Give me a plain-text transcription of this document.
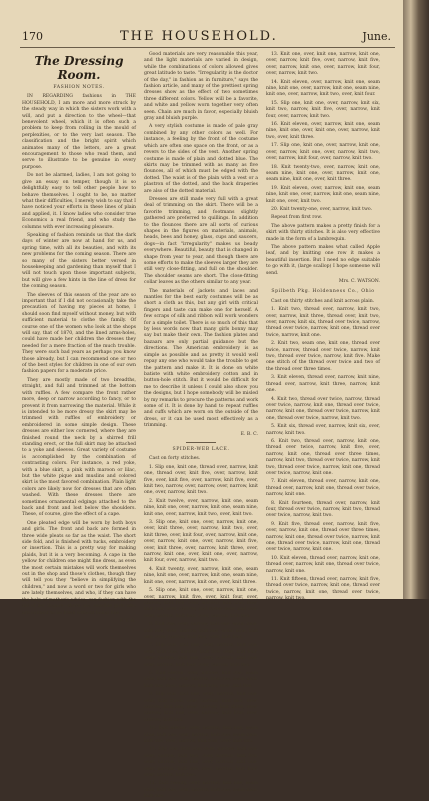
170	THE HOUSEHOLD.	June.
The Dressing Room.
FASHION NOTES.

IN REGARDING fashions in THE HOUSEHOLD, I am more and more struck by the steady way in which the sisters work with a will, and put a direction to the wheel—that benevolent wheel, which it is often such a problem to keep from rolling in the mould of perplexities, or to the very last season. The classification and the bright spirit which animates many of the letters, are a great encouragement to those who read them, and serve to illustrate to be genuine in every purpose.

Do not be alarmed, ladies, I am not going to give an essay on temper, though it is so delightfully easy to tell other people how to behave themselves. I ought to be, no matter what their difficulties, I merely wish to say that I have noticed your efforts in these lines of plain and applied, it. I know ladies who consider true Economics a real friend, and who study the columns with ever increasing pleasure.

Speaking of fashion reminds us that the dark days of winter are now at hand for us, and spring time, with all its beauties, and with its new problems for the coming season. There are so many of the sisters better versed in housekeeping and gardening than myself that I will not touch upon those important subjects, but will give a few hints in the line of dress for the coming season.

The sleeves of this season of the year are so important that if I did not occasionally take the precaution of having my pieces at home, I should soon find myself without money, but with sufficient material to clothe the family. Of course one of the women who look at the shops will say, that of 1870, and the lined arms-holes, could have made her children the dresses they needed for a mere fraction of the much trouble. They were such bad years as perhaps you know those already, but I can recommend one or two of the best styles for children in one of our own fashion papers for a moderate price.

They are mostly made of two breadths, straight, and full and trimmed at the bottom with ruffles. A few compare the front rather more, deep or narrow according to fancy, or to prevent it from narrowing the material. While it is intended to be more dressy the skirt may be trimmed with ruffles of embroidery or embroidered in some simple design. These dresses are either low cornered, where they are finished round the neck by a shirred frill standing erect, or the full skirt may be attached to a yoke and sleeves. Great variety of costume is accomplished by the combination of contrasting colors. For instance, a red yoke, with a blue skirt, a pink with maroon or lilac, but the white pique and muslins and colored skirt is the most favored combination. Plain light colors are likely now for dresses that are often washed. With these dresses there are sometimes ornamental edgings attached to the back and front and lost below the shoulders. These, of course, give the effect of a cape.

One pleated edge will be worn by both boys and girls. The front and back are formed in three wide pleats so far as the waist. The short side fold, and is finished with tucks, embroidery or insertion. This is a pretty way for making plaids, but it is a very becoming. A cape in the yellow for children one might fine dress, as even the most certain mistakes will work themselves out in the shop and those's clothes, though they will tell you they "believe in simplifying the children," and now a word or two for girls who are lately themselves, and who, if they can have the help of mother's advice, can fashion with the aid of her fingers—there are, sensible girls who are content to be fresh without being fine.

F. V. H.

Good materials are very reasonable this year, and the light materials are varied in design, while the combinations of colors allowed gives great latitude to taste. "Irregularity is the doctor of the day," in fashion as in furniture," says the fashion article, and many of the prettiest spring dresses show as the effect of two sometimes three different colors. Yellow will be a favorite, and white and yellow worn together very often seen. Chain are much in favor, especially bluish gray and bluish purple.

A very stylish costume is made of pale gray combined by any other colors as well. For instance, a feeling by the front of the costume which are often one space on the front, or as a revers to the sides of the vest. Another spring costume is made of plain and dotted blue. The skirts may be trimmed with as many as five flounces, all of which must be edged with the dotted. The waist is of the plain with a vest or a plastron of the dotted, and the back draperies are also of the dotted material.

Dresses are still made very full with a great deal of trimming on the skirt. There will be a favorite trimming, and footmans slightly gathered are preferred to quillings. In addition to the flounces there are all sorts of curious shapes in the figures on materials, animals, heads, bees and honey, glass, cups and saucers, dogs—in fact "irregularity" makes us beady everywhere. Beautiful, beauty that is changed in shape from year to year, and though there are some efforts to make the sleeves larger they are still very close-fitting, and full on the shoulder. The shoulder seams are short. The close-fitting collar leaves as the others similar to any year.

The materials of jackets and laces and mantles for the best early costumes will be as short a cloth as this, but any girl with critical fingers and taste can make one for herself. A few scraps of silk and ribbon will work wonders for a simple toilet. There is so much of this that by less words now that many girls bonny may say but make their own. The fashion plates and bazaars are only partial guidance but the directions. The American embroidery is as simple as possible and as pretty it would well repay any one who would take the trouble to get the pattern and make it. It is done on white batiste with white embroidery cotton and in button-hole stitch. But it would be difficult for me to describe it unless I could also show you the designs, but I hope somebody will be misled by my remarks to procure the patterns and work some of it. It is done by hand to repeat ruffles and cuffs which are worn on the outside of the dress, or it can be used most effectively as a trimming.

E. B. C.
SPIDER-WEB LACE.

Cast on forty stitches.

1. Slip one, knit one, thread over, narrow, knit one, thread over, knit five, over, narrow, knit five, over, knit five, over, narrow, knit five, over, knit two, narrow, over, narrow, over, narrow, knit one, over, narrow, knit two.

2. Knit twelve, over, narrow, knit one, seam nine, knit one, over, narrow, knit one, seam nine, knit one, over, narrow, knit two, over, knit two.

3. Slip one, knit one, over, narrow, knit one, over, knit three, over, narrow, knit two, over, knit three, over, knit four, over, narrow, knit one, over, narrow, knit one, over, narrow, knit five, over, knit three, over, narrow, knit three, over, narrow, knit one, over, knit one, over, narrow, knit four, over, narrow, knit two.

4. Knit twenty, over, narrow, knit one, seam nine, knit one, over, narrow, knit one, seam nine, knit one, over, narrow, knit one, over, knit three.

5. Slip one, knit one, over, narrow, knit one, over, narrow, knit five, over, knit four, over, narrow, knit five, over, narrow, knit one, over, knit one, over, narrow, knit three, over, knit one, over, narrow, knit four, over, narrow, knit two.

6. Knit one, over, narrow, knit one, seam nine, knit one, over, narrow, knit one, seam nine, knit one, over, narrow, knit two, over, knit four.

7. Slip one, knit one, over, narrow, knit one, over, knit one, narrow, knit five, over, knit four, over, narrow, knit one, over, narrow, knit one, over, narrow, knit four, over, narrow, knit two.

8. Knit eleven, over, narrow, knit one, seam nine, knit one, over, narrow, knit one, seam nine, knit one, over, narrow, knit two, over, knit five.

9. Slip one, knit one, over, narrow, knit one, over, knit three, over, narrow, knit two, over, narrow, knit one, over, narrow, knit three, over, narrow, knit one, over, narrow, knit four, over, narrow, knit two.

10. Knit eleven, over, narrow, knit one, seam nine, knit one, over, narrow, knit one, seam nine, knit one, over, narrow, knit four, over, knit two.

11. Slip one, knit one, over, narrow, knit one, over, narrow, knit two, over, narrow, knit five, over, narrow, knit one, over, narrow, knit one, over, narrow, knit one, over, narrow, knit four, over, narrow, knit two.

12. Knit twenty, over, narrow, knit one, seam nine, knit one, over, narrow, knit one, seam nine, knit one.

13. Knit one, over, knit one, narrow, knit one, over, narrow, knit five, over, narrow, knit five, over, narrow, knit one, over, narrow, knit four, over, narrow, knit two.

14. Knit eleven, over, narrow, knit one, seam nine, knit one, over, narrow, knit one, seam nine, knit one, over, narrow, knit two, over, knit four.

15. Slip one, knit one, over, narrow, knit six, knit two, narrow, knit five, over, narrow, knit four, over, narrow, knit two.

16. Knit eleven, over, narrow, knit one, seam nine, knit one, over, knit one, over, narrow, knit two, over, knit three.

17. Slip one, knit one, over, narrow, knit one, over, narrow, knit one, over, narrow, knit two, over, narrow, knit four, over, narrow, knit two.

18. Knit twenty-two, over, narrow, knit one, seam nine, knit one, over, narrow, knit one, seam nine, knit one, over, knit three.

19. Knit eleven, over, narrow, knit one, seam nine, knit one, over, narrow, knit one, seam nine, knit one, over, knit two.

20. Knit twenty-one, over, narrow, knit two.

Repeat from first row.

The above pattern makes a pretty finish for a skirt with thirty stitches. It is also very effective made in the form of a lambrequin.

The above pattern makes what called Apple leaf, and by knitting one row it makes a beautiful insertion. But I need no edge suitable to go with it, (large scallop) I hope someone will send.

Mrs. C. WATSON.
Spilbeth Pkg. Holdenness Co., Ohio

Cast on thirty stitches and knit across plain.

1. Knit two, thread over, narrow, knit two, over, narrow, knit three, thread over, knit two, over, narrow, knit six, thread over twice, narrow, thread over twice, narrow, knit one, thread over twice, narrow, knit one.

2. Knit two, seam one, knit one, thread over twice, narrow, thread over twice, narrow, knit two, thread over twice, narrow, knit five. Make one stitch of the thread over twice and two of the thread over three times.

3. Knit eleven, thread over, narrow, knit nine, thread over, narrow, knit three, narrow, knit one.

4. Knit two, thread over twice, narrow, thread over twice, narrow, knit one, thread over twice, narrow, knit one, thread over twice, narrow, knit one, thread over twice, narrow, knit two.

5. Knit six, thread over, narrow, knit six, over, narrow, knit two.

6. Knit two, thread over, narrow, knit one, thread over twice, narrow, knit five, over, narrow, knit one, thread over three times, narrow, knit two, thread over twice, narrow, knit two, thread over twice, narrow, knit one, thread over twice, narrow, knit one.

7. Knit eleven, thread over, narrow, knit one, thread over, narrow, knit one, thread over twice, narrow, knit one.

8. Knit fourteen, thread over, narrow, knit four, thread over twice, narrow, knit two, thread over twice, narrow, knit two.

9. Knit five, thread over, narrow, knit five, over, narrow, knit one, thread over three times, narrow, knit one, thread over twice, narrow, knit one, thread over twice, narrow, knit one, thread over twice, narrow, knit one.

10. Knit eleven, thread over, narrow, knit one, thread over, narrow, knit one, thread over twice, narrow, knit one.

11. Knit fifteen, thread over, narrow, knit five, thread over twice, narrow, knit one, thread over twice, narrow, knit one, thread over twice, narrow, knit two.
